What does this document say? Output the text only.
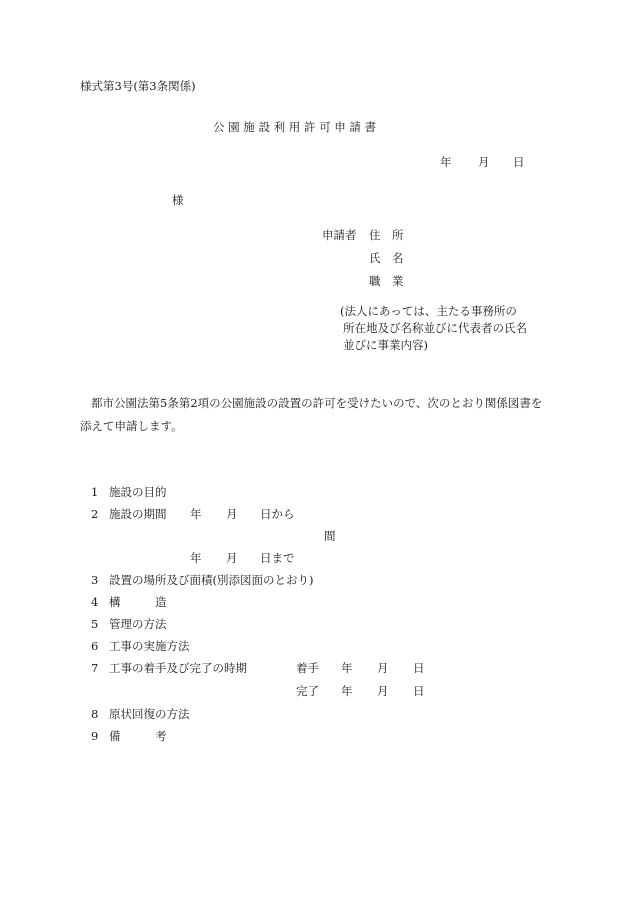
様式第3号(第3条関係)
公 園 施 設 利 用 許 可 申 請 書
年 月 日
様
申請者 住　所
氏　名
職　業
(法人にあっては、主たる事務所の
所在地及び名称並びに代表者の氏名
並びに事業内容)
都市公園法第5条第2項の公園施設の設置の許可を受けたいので、次のとおり関係図書を
添えて申請します。
1 施設の目的
2 施設の期間 年 月 日から
間
年 月 日まで
3 設置の場所及び面積(別添図面のとおり)
4 構　　　造
5 管理の方法
6 工事の実施方法
7 工事の着手及び完了の時期	着手 年 月 日
完了 年 月 日
8 原状回復の方法
9 備　　　考
